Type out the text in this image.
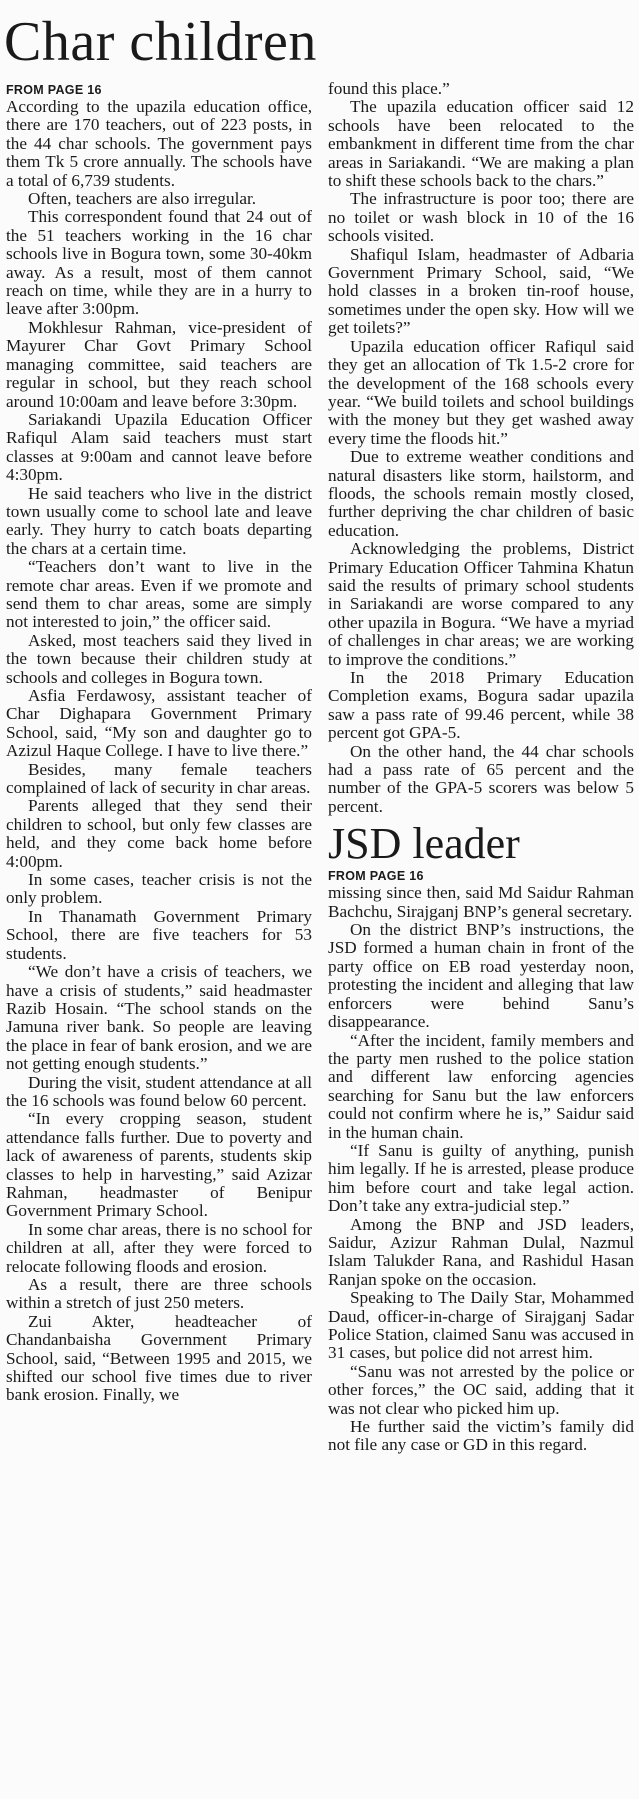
Char children
FROM PAGE 16

According to the upazila education office, there are 170 teachers, out of 223 posts, in the 44 char schools. The government pays them Tk 5 crore annually. The schools have a total of 6,739 students.

Often, teachers are also irregular.

This correspondent found that 24 out of the 51 teachers working in the 16 char schools live in Bogura town, some 30-40km away. As a result, most of them cannot reach on time, while they are in a hurry to leave after 3:00pm.

Mokhlesur Rahman, vice-president of Mayurer Char Govt Primary School managing committee, said teachers are regular in school, but they reach school around 10:00am and leave before 3:30pm.

Sariakandi Upazila Education Officer Rafiqul Alam said teachers must start classes at 9:00am and cannot leave before 4:30pm.

He said teachers who live in the district town usually come to school late and leave early. They hurry to catch boats departing the chars at a certain time.

“Teachers don’t want to live in the remote char areas. Even if we promote and send them to char areas, some are simply not interested to join,” the officer said.

Asked, most teachers said they lived in the town because their children study at schools and colleges in Bogura town.

Asfia Ferdawosy, assistant teacher of Char Dighapara Government Primary School, said, “My son and daughter go to Azizul Haque College. I have to live there.”

Besides, many female teachers complained of lack of security in char areas.

Parents alleged that they send their children to school, but only few classes are held, and they come back home before 4:00pm.

In some cases, teacher crisis is not the only problem.

In Thanamath Government Primary School, there are five teachers for 53 students.

“We don’t have a crisis of teachers, we have a crisis of students,” said headmaster Razib Hosain. “The school stands on the Jamuna river bank. So people are leaving the place in fear of bank erosion, and we are not getting enough students.”

During the visit, student attendance at all the 16 schools was found below 60 percent.

“In every cropping season, student attendance falls further. Due to poverty and lack of awareness of parents, students skip classes to help in harvesting,” said Azizar Rahman, headmaster of Benipur Government Primary School.

In some char areas, there is no school for children at all, after they were forced to relocate following floods and erosion.

As a result, there are three schools within a stretch of just 250 meters.

Zui Akter, headteacher of Chandanbaisha Government Primary School, said, “Between 1995 and 2015, we shifted our school five times due to river bank erosion. Finally, we

found this place.”

The upazila education officer said 12 schools have been relocated to the embankment in different time from the char areas in Sariakandi. “We are making a plan to shift these schools back to the chars.”

The infrastructure is poor too; there are no toilet or wash block in 10 of the 16 schools visited.

Shafiqul Islam, headmaster of Adbaria Government Primary School, said, “We hold classes in a broken tin-roof house, sometimes under the open sky. How will we get toilets?”

Upazila education officer Rafiqul said they get an allocation of Tk 1.5-2 crore for the development of the 168 schools every year. “We build toilets and school buildings with the money but they get washed away every time the floods hit.”

Due to extreme weather conditions and natural disasters like storm, hailstorm, and floods, the schools remain mostly closed, further depriving the char children of basic education.

Acknowledging the problems, District Primary Education Officer Tahmina Khatun said the results of primary school students in Sariakandi are worse compared to any other upazila in Bogura. “We have a myriad of challenges in char areas; we are working to improve the conditions.”

In the 2018 Primary Education Completion exams, Bogura sadar upazila saw a pass rate of 99.46 percent, while 38 percent got GPA-5.

On the other hand, the 44 char schools had a pass rate of 65 percent and the number of the GPA-5 scorers was below 5 percent.

JSD leader
FROM PAGE 16

missing since then, said Md Saidur Rahman Bachchu, Sirajganj BNP’s general secretary.

On the district BNP’s instructions, the JSD formed a human chain in front of the party office on EB road yesterday noon, protesting the incident and alleging that law enforcers were behind Sanu’s disappearance.

“After the incident, family members and the party men rushed to the police station and different law enforcing agencies searching for Sanu but the law enforcers could not confirm where he is,” Saidur said in the human chain.

“If Sanu is guilty of anything, punish him legally. If he is arrested, please produce him before court and take legal action. Don’t take any extra-judicial step.”

Among the BNP and JSD leaders, Saidur, Azizur Rahman Dulal, Nazmul Islam Talukder Rana, and Rashidul Hasan Ranjan spoke on the occasion.

Speaking to The Daily Star, Mohammed Daud, officer-in-charge of Sirajganj Sadar Police Station, claimed Sanu was accused in 31 cases, but police did not arrest him.

“Sanu was not arrested by the police or other forces,” the OC said, adding that it was not clear who picked him up.

He further said the victim’s family did not file any case or GD in this regard.
